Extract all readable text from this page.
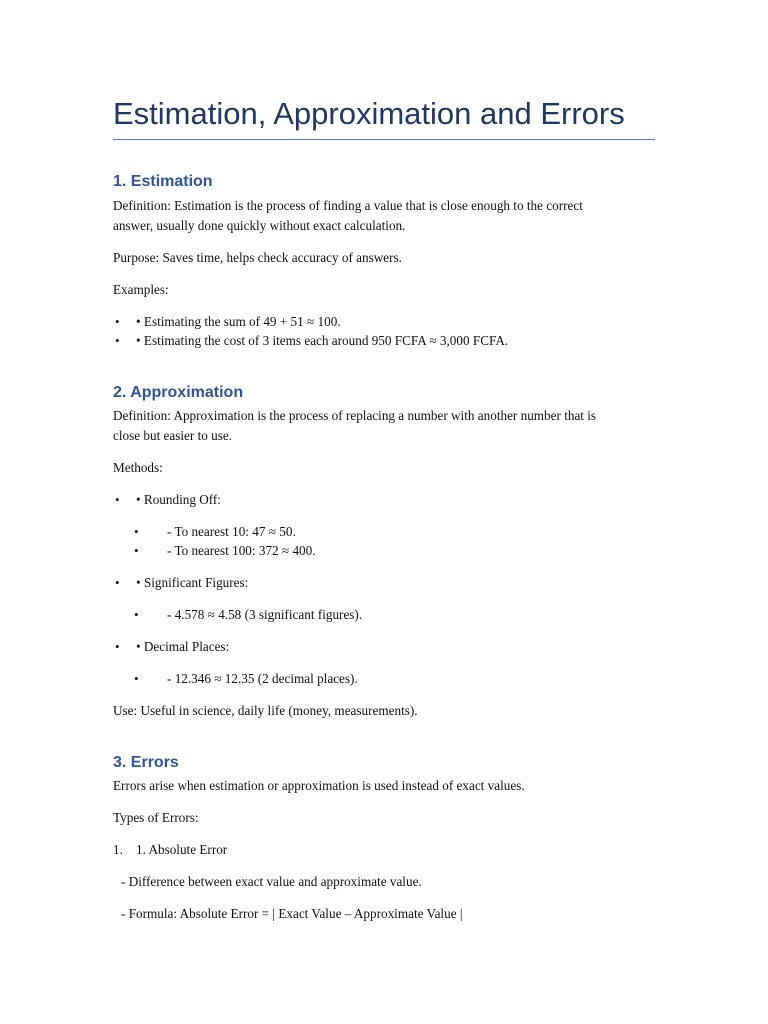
Estimation, Approximation and Errors
1. Estimation
Definition: Estimation is the process of finding a value that is close enough to the correct
answer, usually done quickly without exact calculation.
Purpose: Saves time, helps check accuracy of answers.
Examples:
• • Estimating the sum of 49 + 51 ≈ 100.
• • Estimating the cost of 3 items each around 950 FCFA ≈ 3,000 FCFA.
2. Approximation
Definition: Approximation is the process of replacing a number with another number that is
close but easier to use.
Methods:
• • Rounding Off:
• - To nearest 10: 47 ≈ 50.
• - To nearest 100: 372 ≈ 400.
• • Significant Figures:
• - 4.578 ≈ 4.58 (3 significant figures).
• • Decimal Places:
• - 12.346 ≈ 12.35 (2 decimal places).
Use: Useful in science, daily life (money, measurements).
3. Errors
Errors arise when estimation or approximation is used instead of exact values.
Types of Errors:
1. 1. Absolute Error
- Difference between exact value and approximate value.
- Formula: Absolute Error = | Exact Value – Approximate Value |
